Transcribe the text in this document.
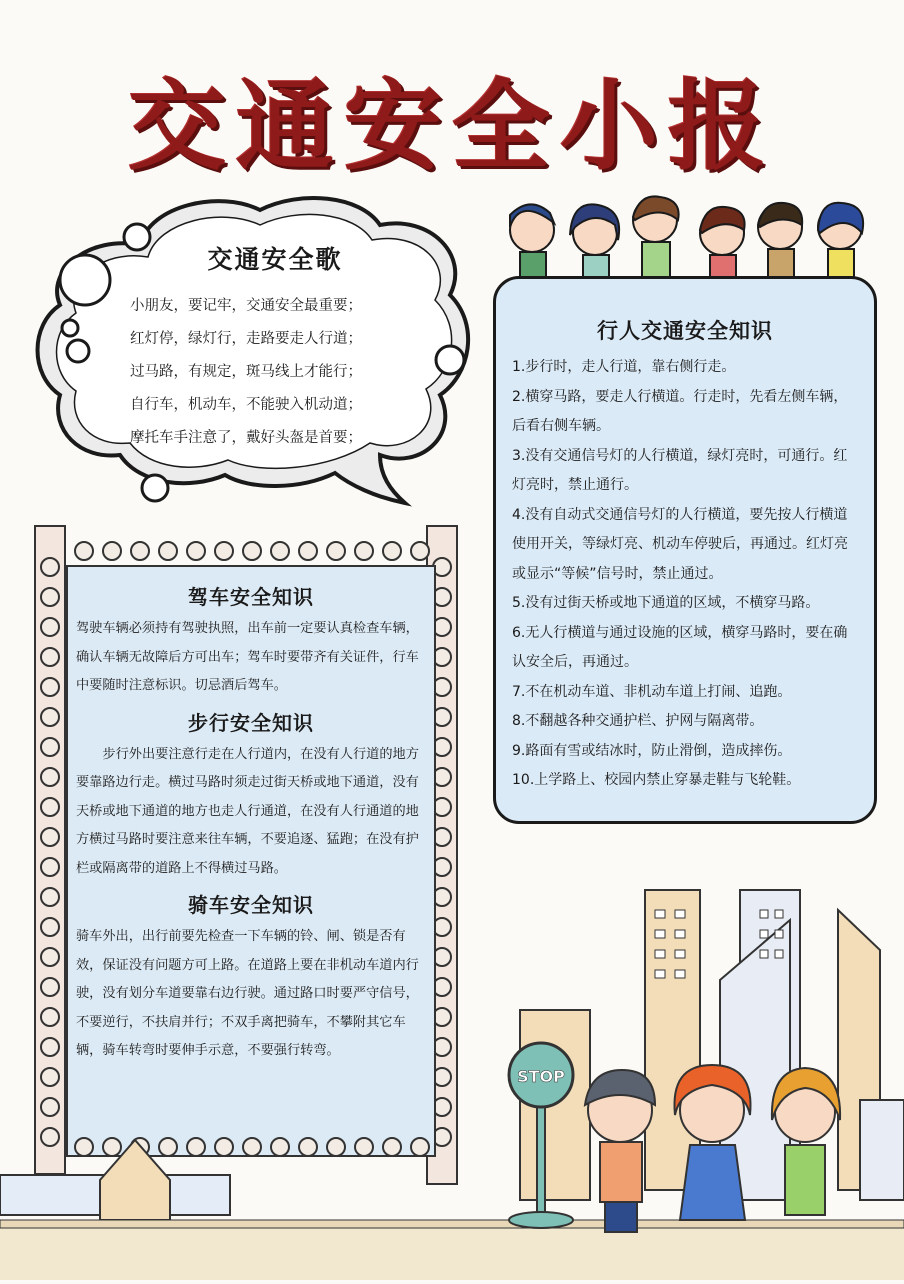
交通安全小报
交通安全歌
小朋友，要记牢，交通安全最重要；
红灯停，绿灯行，走路要走人行道；
过马路，有规定，斑马线上才能行；
自行车，机动车，不能驶入机动道；
摩托车手注意了，戴好头盔是首要；
行人交通安全知识
1.步行时，走人行道，靠右侧行走。
2.横穿马路，要走人行横道。行走时，先看左侧车辆，后看右侧车辆。
3.没有交通信号灯的人行横道，绿灯亮时，可通行。红灯亮时，禁止通行。
4.没有自动式交通信号灯的人行横道，要先按人行横道使用开关，等绿灯亮、机动车停驶后，再通过。红灯亮或显示“等候”信号时，禁止通过。
5.没有过街天桥或地下通道的区域，不横穿马路。
6.无人行横道与通过设施的区域，横穿马路时，要在确认安全后，再通过。
7.不在机动车道、非机动车道上打闹、追跑。
8.不翻越各种交通护栏、护网与隔离带。
9.路面有雪或结冰时，防止滑倒，造成摔伤。
10.上学路上、校园内禁止穿暴走鞋与飞轮鞋。
驾车安全知识
驾驶车辆必须持有驾驶执照，出车前一定要认真检查车辆，确认车辆无故障后方可出车；驾车时要带齐有关证件，行车中要随时注意标识。切忌酒后驾车。
步行安全知识
步行外出要注意行走在人行道内，在没有人行道的地方要靠路边行走。横过马路时须走过街天桥或地下通道，没有天桥或地下通道的地方也走人行通道，在没有人行通道的地方横过马路时要注意来往车辆，不要追逐、猛跑；在没有护栏或隔离带的道路上不得横过马路。
骑车安全知识
骑车外出，出行前要先检查一下车辆的铃、闸、锁是否有效，保证没有问题方可上路。在道路上要在非机动车道内行驶，没有划分车道要靠右边行驶。通过路口时要严守信号，不要逆行，不扶肩并行；不双手离把骑车，不攀附其它车辆，骑车转弯时要伸手示意，不要强行转弯。
STOP
